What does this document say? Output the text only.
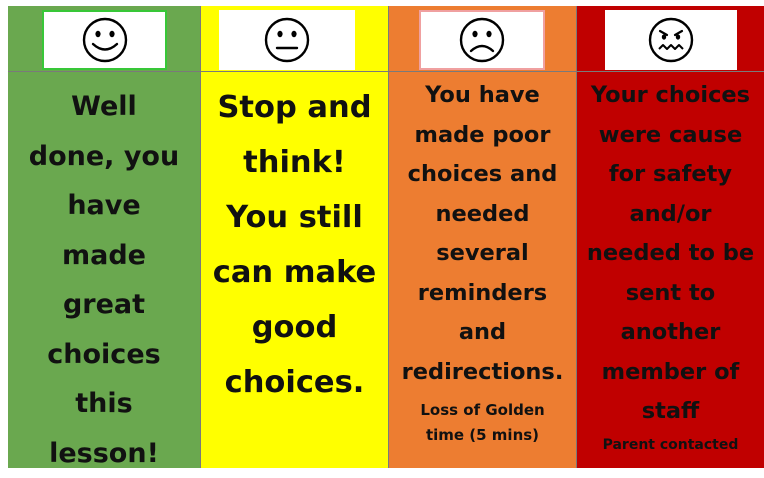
Well
done, you
have
made
great
choices
this
lesson!
Stop and
think!
You still
can make
good
choices.
You have
made poor
choices and
needed
several
reminders
and
redirections.
Loss of Golden
time (5 mins)
Your choices
were cause
for safety
and/or
needed to be
sent to
another
member of
staff
Parent contacted
